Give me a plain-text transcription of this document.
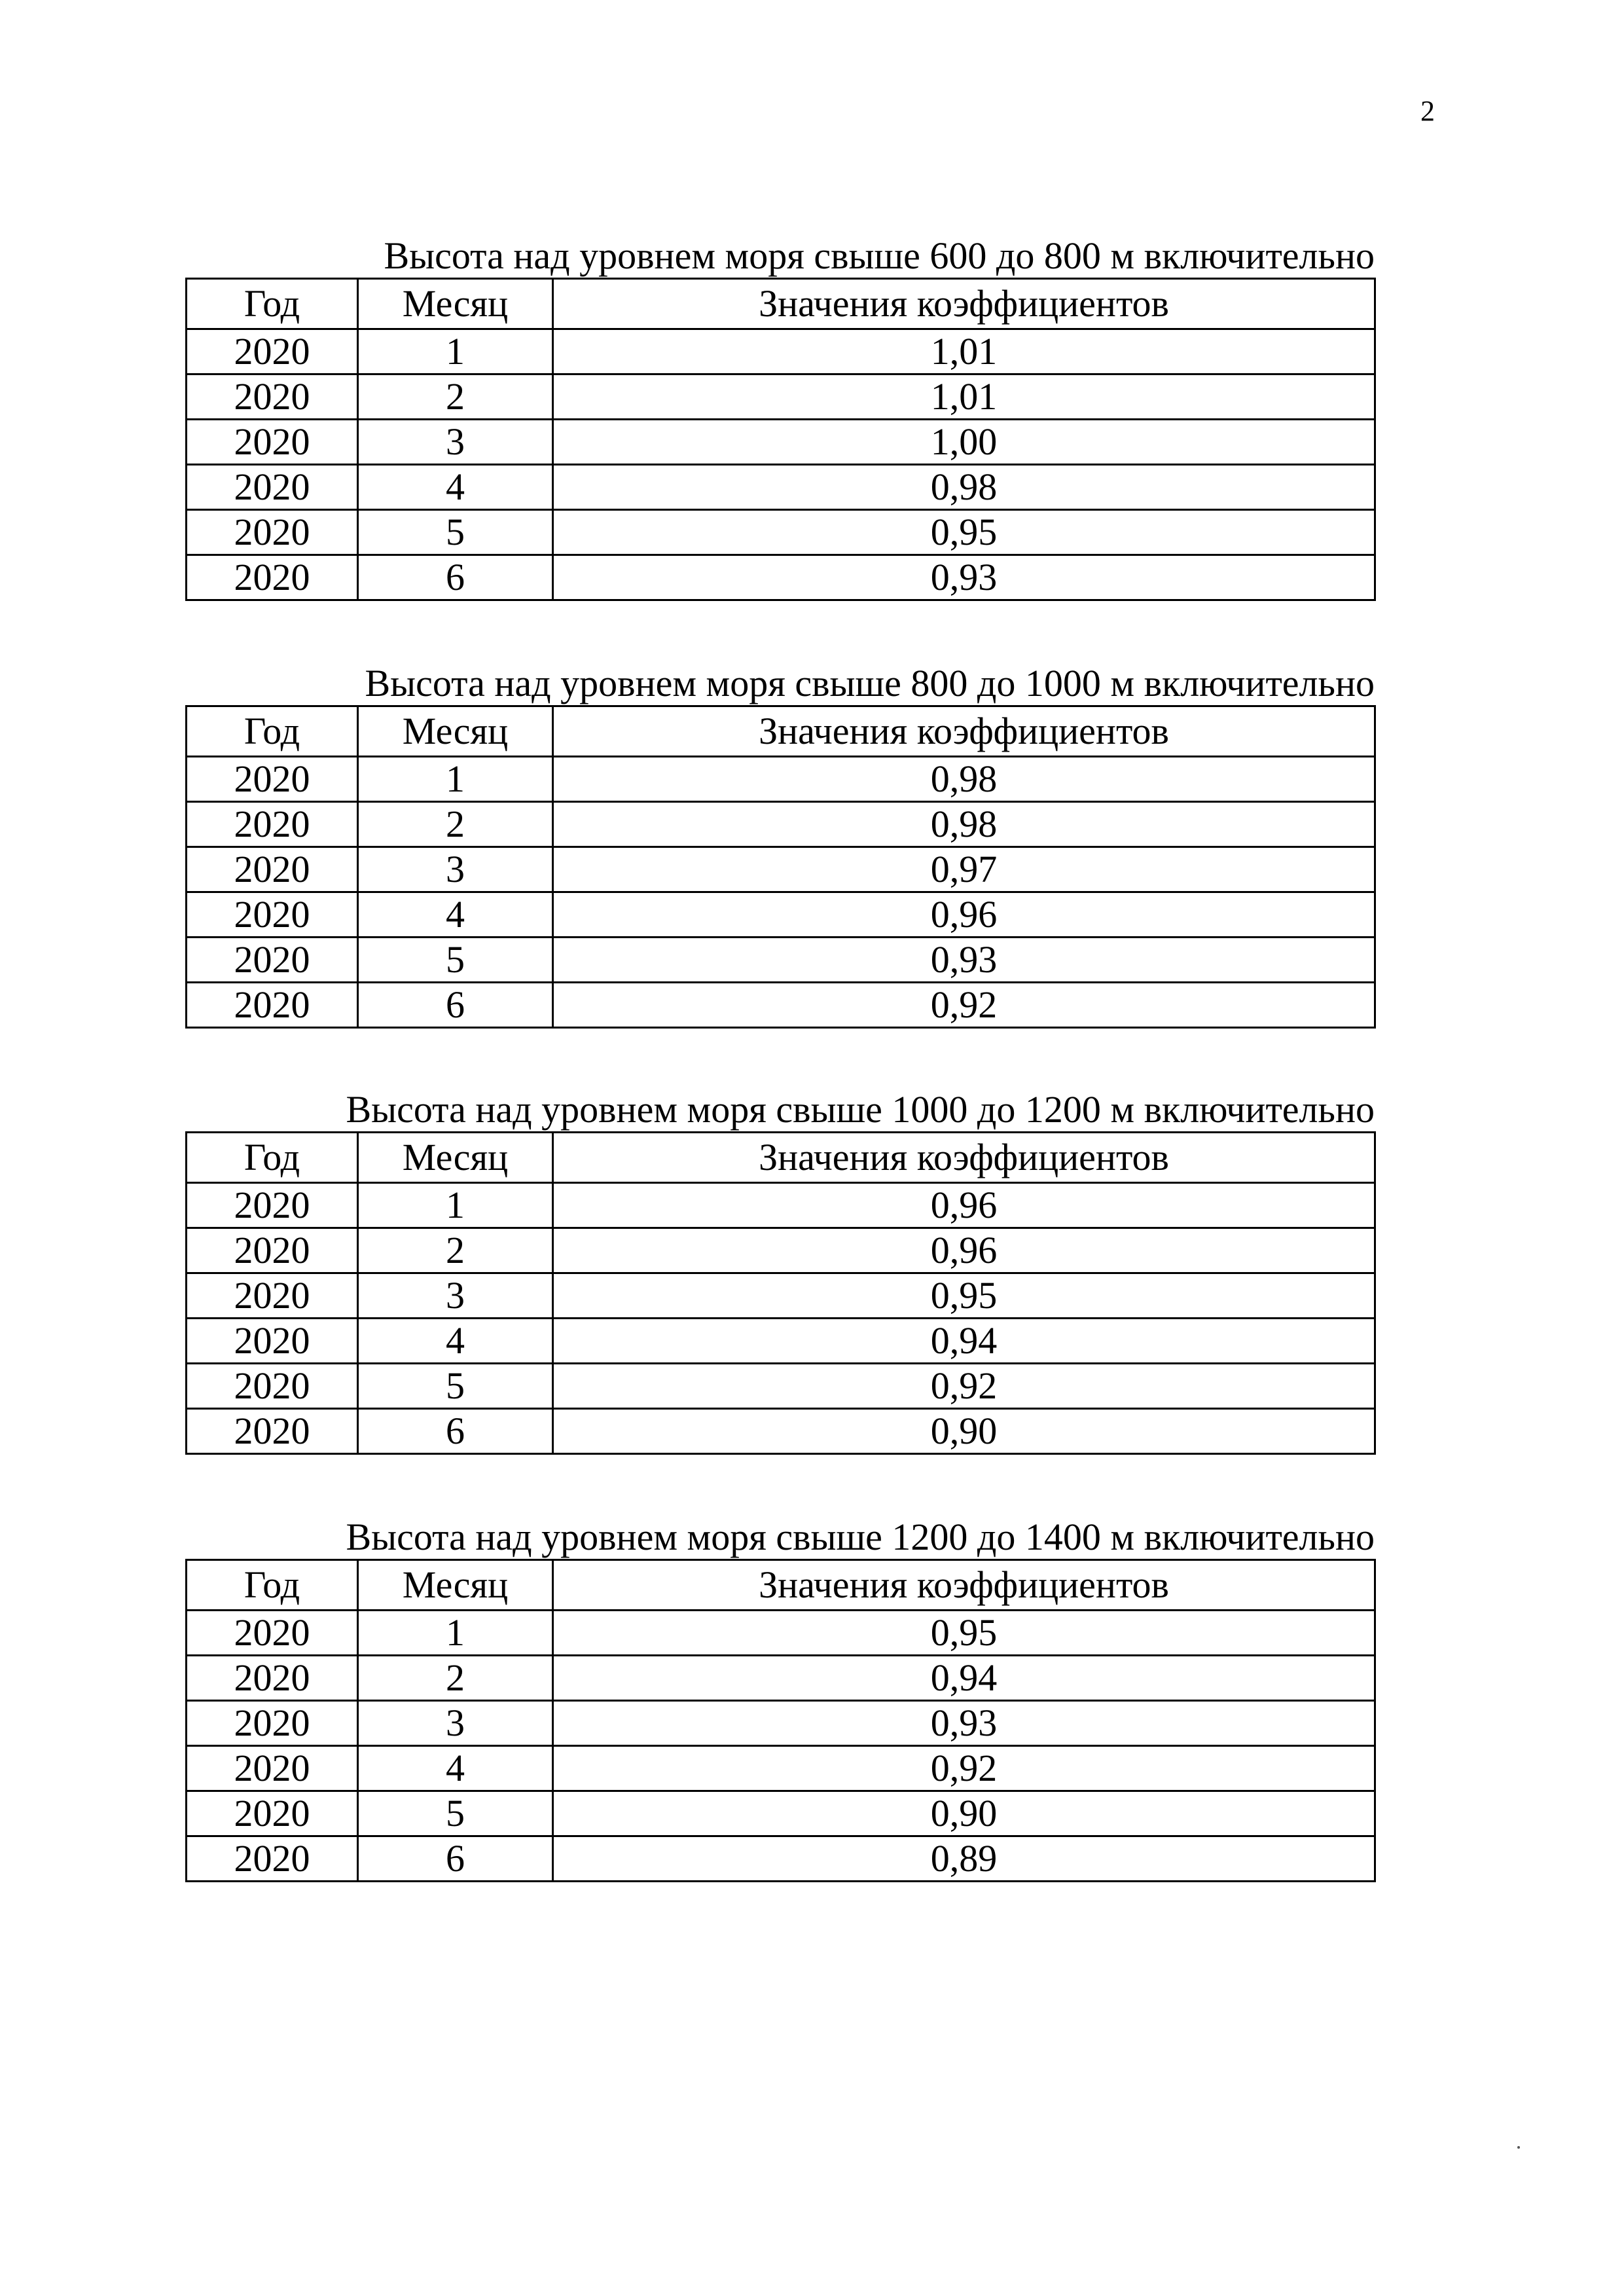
2
Высота над уровнем моря свыше 600 до 800 м включительно
Год	Месяц	Значения коэффициентов
2020	1	1,01
2020	2	1,01
2020	3	1,00
2020	4	0,98
2020	5	0,95
2020	6	0,93
Высота над уровнем моря свыше 800 до 1000 м включительно
Год	Месяц	Значения коэффициентов
2020	1	0,98
2020	2	0,98
2020	3	0,97
2020	4	0,96
2020	5	0,93
2020	6	0,92
Высота над уровнем моря свыше 1000 до 1200 м включительно
Год	Месяц	Значения коэффициентов
2020	1	0,96
2020	2	0,96
2020	3	0,95
2020	4	0,94
2020	5	0,92
2020	6	0,90
Высота над уровнем моря свыше 1200 до 1400 м включительно
Год	Месяц	Значения коэффициентов
2020	1	0,95
2020	2	0,94
2020	3	0,93
2020	4	0,92
2020	5	0,90
2020	6	0,89
